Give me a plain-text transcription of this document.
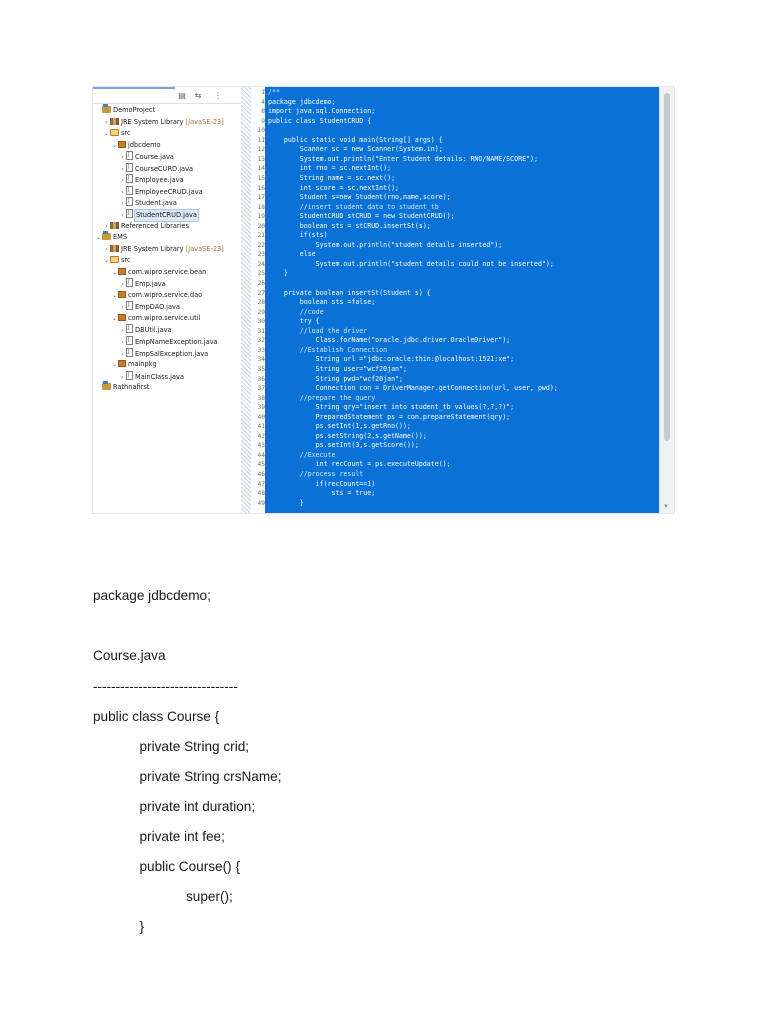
▤ ⇆ ⋮
DemoProject
› JRE System Library [JavaSE-23]
⌄ src
⌄ jdbcdemo
› J Course.java
› J CourseCURD.java
› J Employee.java
› J EmployeeCRUD.java
› J Student.java
› J StudentCRUD.java
› Referenced Libraries
⌄ EMS
› JRE System Library [JavaSE-23]
⌄ src
⌄ com.wipro.service.bean
› J Emp.java
⌄ com.wipro.service.dao
› J EmpDAO.java
⌄ com.wipro.service.util
› J DBUtil.java
› J EmpNameException.java
› J EmpSalException.java
⌄ mainpkg
› J MainClass.java
Rathnafirst
1
4
8
9
10
11
12
13
14
15
16
17
18
19
20
21
22
23
24
25
26
27
28
29
30
31
32
33
34
35
36
37
38
39
40
41
42
43
44
45
46
47
48
49
/**
package jdbcdemo;
import java.sql.Connection;
public class StudentCRUD {
public static void main(String[] args) {
Scanner sc = new Scanner(System.in);
System.out.println("Enter Student details: RNO/NAME/SCORE");
int rno = sc.nextInt();
String name = sc.next();
int score = sc.nextInt();
Student s=new Student(rno,name,score);
//insert student data to student_tb
StudentCRUD stCRUD = new StudentCRUD();
boolean sts = stCRUD.insertSt(s);
if(sts)
System.out.println("student details inserted");
else
System.out.println("student details could not be inserted");
}
private boolean insertSt(Student s) {
boolean sts =false;
//code
try {
//load the driver
Class.forName("oracle.jdbc.driver.OracleDriver");
//Establish Connection
String url ="jdbc:oracle:thin:@localhost:1521:xe";
String user="wcf20jan";
String pwd="wcf20jan";
Connection con = DriverManager.getConnection(url, user, pwd);
//prepare the query
String qry="insert into student_tb values(?,?,?)";
PreparedStatement ps = con.prepareStatement(qry);
ps.setInt(1,s.getRno());
ps.setString(2,s.getName());
ps.setInt(3,s.getScore());
//Execute
int recCount = ps.executeUpdate();
//process result
if(recCount==1)
sts = true;
}
▼
package jdbcdemo;
Course.java
--------------------------------
public class Course {
private String crid;
private String crsName;
private int duration;
private int fee;
public Course() {
super();
}
